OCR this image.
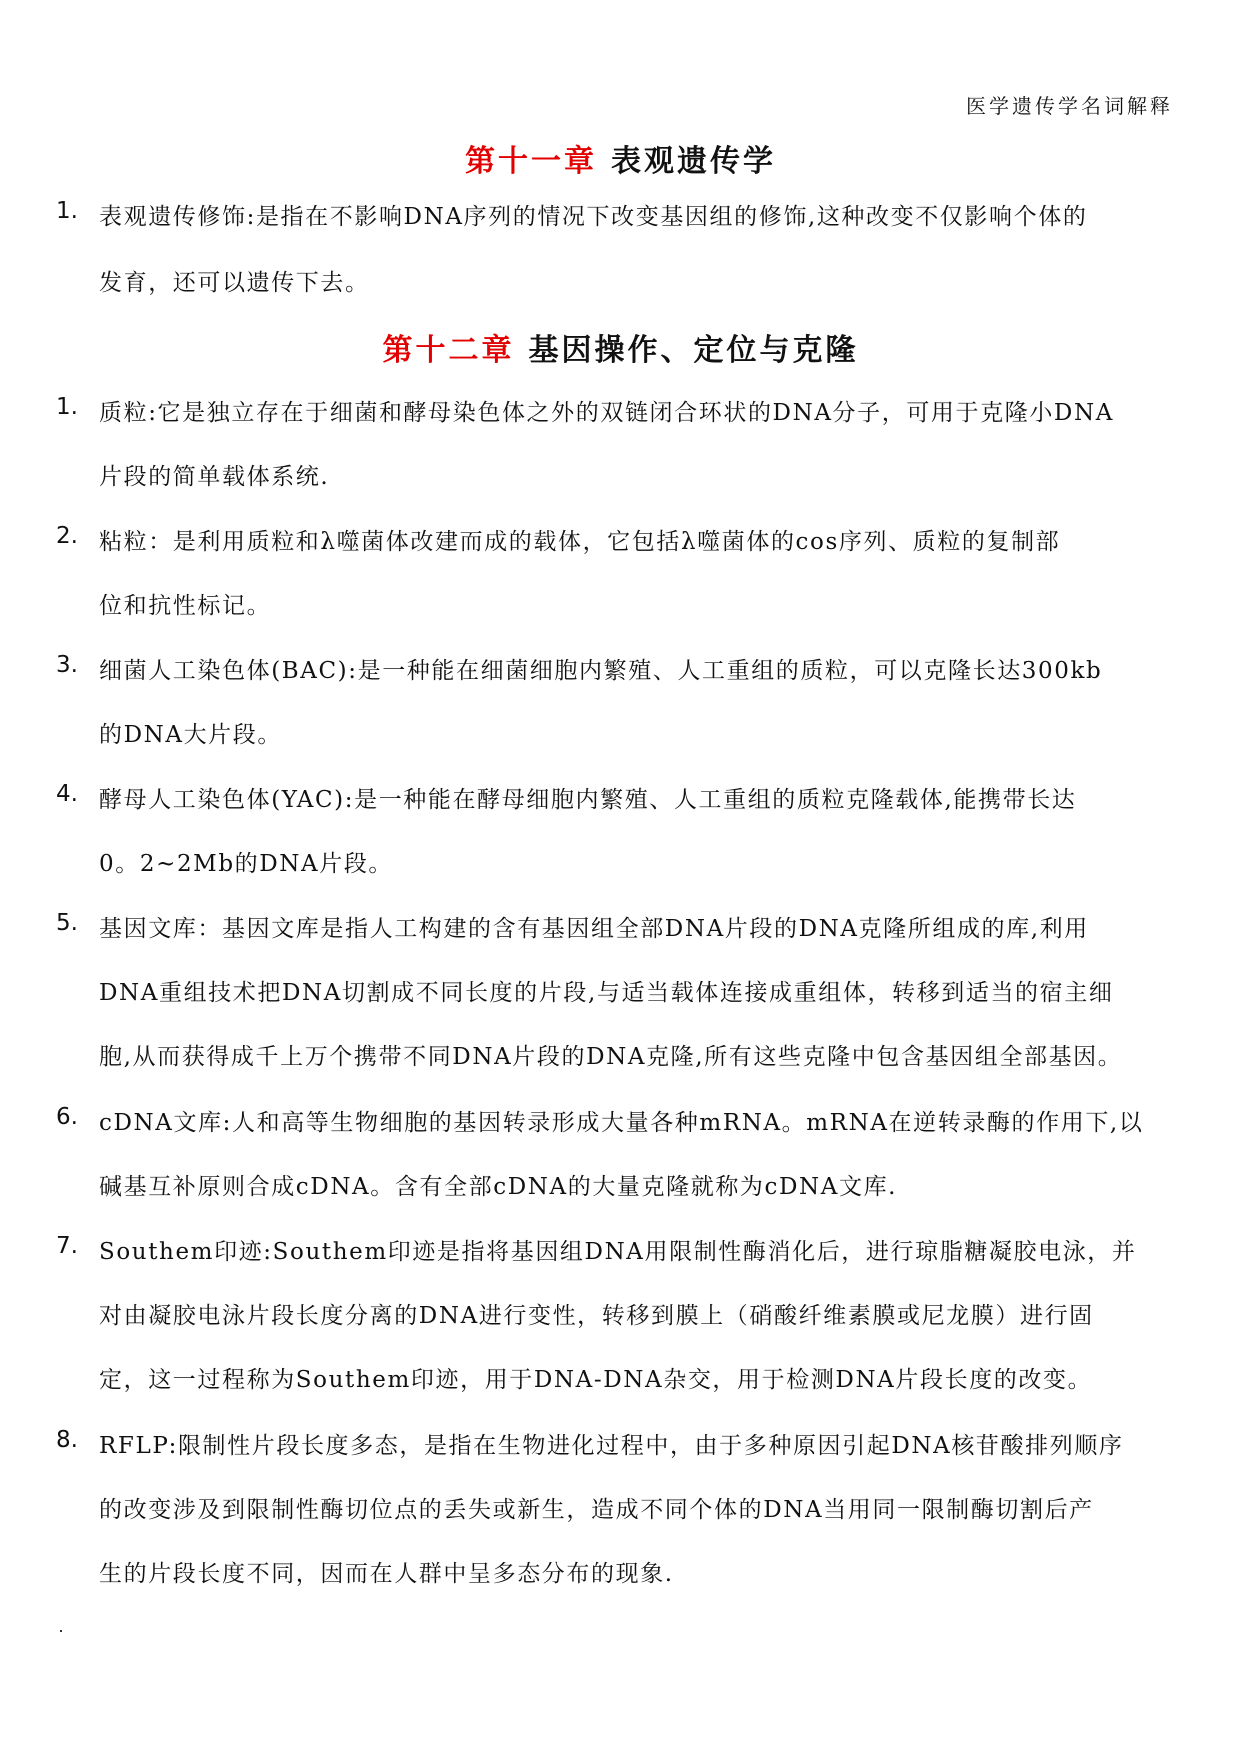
医学遗传学名词解释
第十一章 表观遗传学
1. 表观遗传修饰:是指在不影响DNA序列的情况下改变基因组的修饰,这种改变不仅影响个体的
发育，还可以遗传下去。
第十二章 基因操作、定位与克隆
1. 质粒:它是独立存在于细菌和酵母染色体之外的双链闭合环状的DNA分子，可用于克隆小DNA
片段的简单载体系统.
2. 粘粒：是利用质粒和λ噬菌体改建而成的载体，它包括λ噬菌体的cos序列、质粒的复制部
位和抗性标记。
3. 细菌人工染色体(BAC):是一种能在细菌细胞内繁殖、人工重组的质粒，可以克隆长达300kb
的DNA大片段。
4. 酵母人工染色体(YAC):是一种能在酵母细胞内繁殖、人工重组的质粒克隆载体,能携带长达
0。2~2Mb的DNA片段。
5. 基因文库：基因文库是指人工构建的含有基因组全部DNA片段的DNA克隆所组成的库,利用
DNA重组技术把DNA切割成不同长度的片段,与适当载体连接成重组体，转移到适当的宿主细
胞,从而获得成千上万个携带不同DNA片段的DNA克隆,所有这些克隆中包含基因组全部基因。
6. cDNA文库:人和高等生物细胞的基因转录形成大量各种mRNA。mRNA在逆转录酶的作用下,以
碱基互补原则合成cDNA。含有全部cDNA的大量克隆就称为cDNA文库.
7. Southem印迹:Southem印迹是指将基因组DNA用限制性酶消化后，进行琼脂糖凝胶电泳，并
对由凝胶电泳片段长度分离的DNA进行变性，转移到膜上（硝酸纤维素膜或尼龙膜）进行固
定，这一过程称为Southem印迹，用于DNA-DNA杂交，用于检测DNA片段长度的改变。
8. RFLP:限制性片段长度多态，是指在生物进化过程中，由于多种原因引起DNA核苷酸排列顺序
的改变涉及到限制性酶切位点的丢失或新生，造成不同个体的DNA当用同一限制酶切割后产
生的片段长度不同，因而在人群中呈多态分布的现象.
